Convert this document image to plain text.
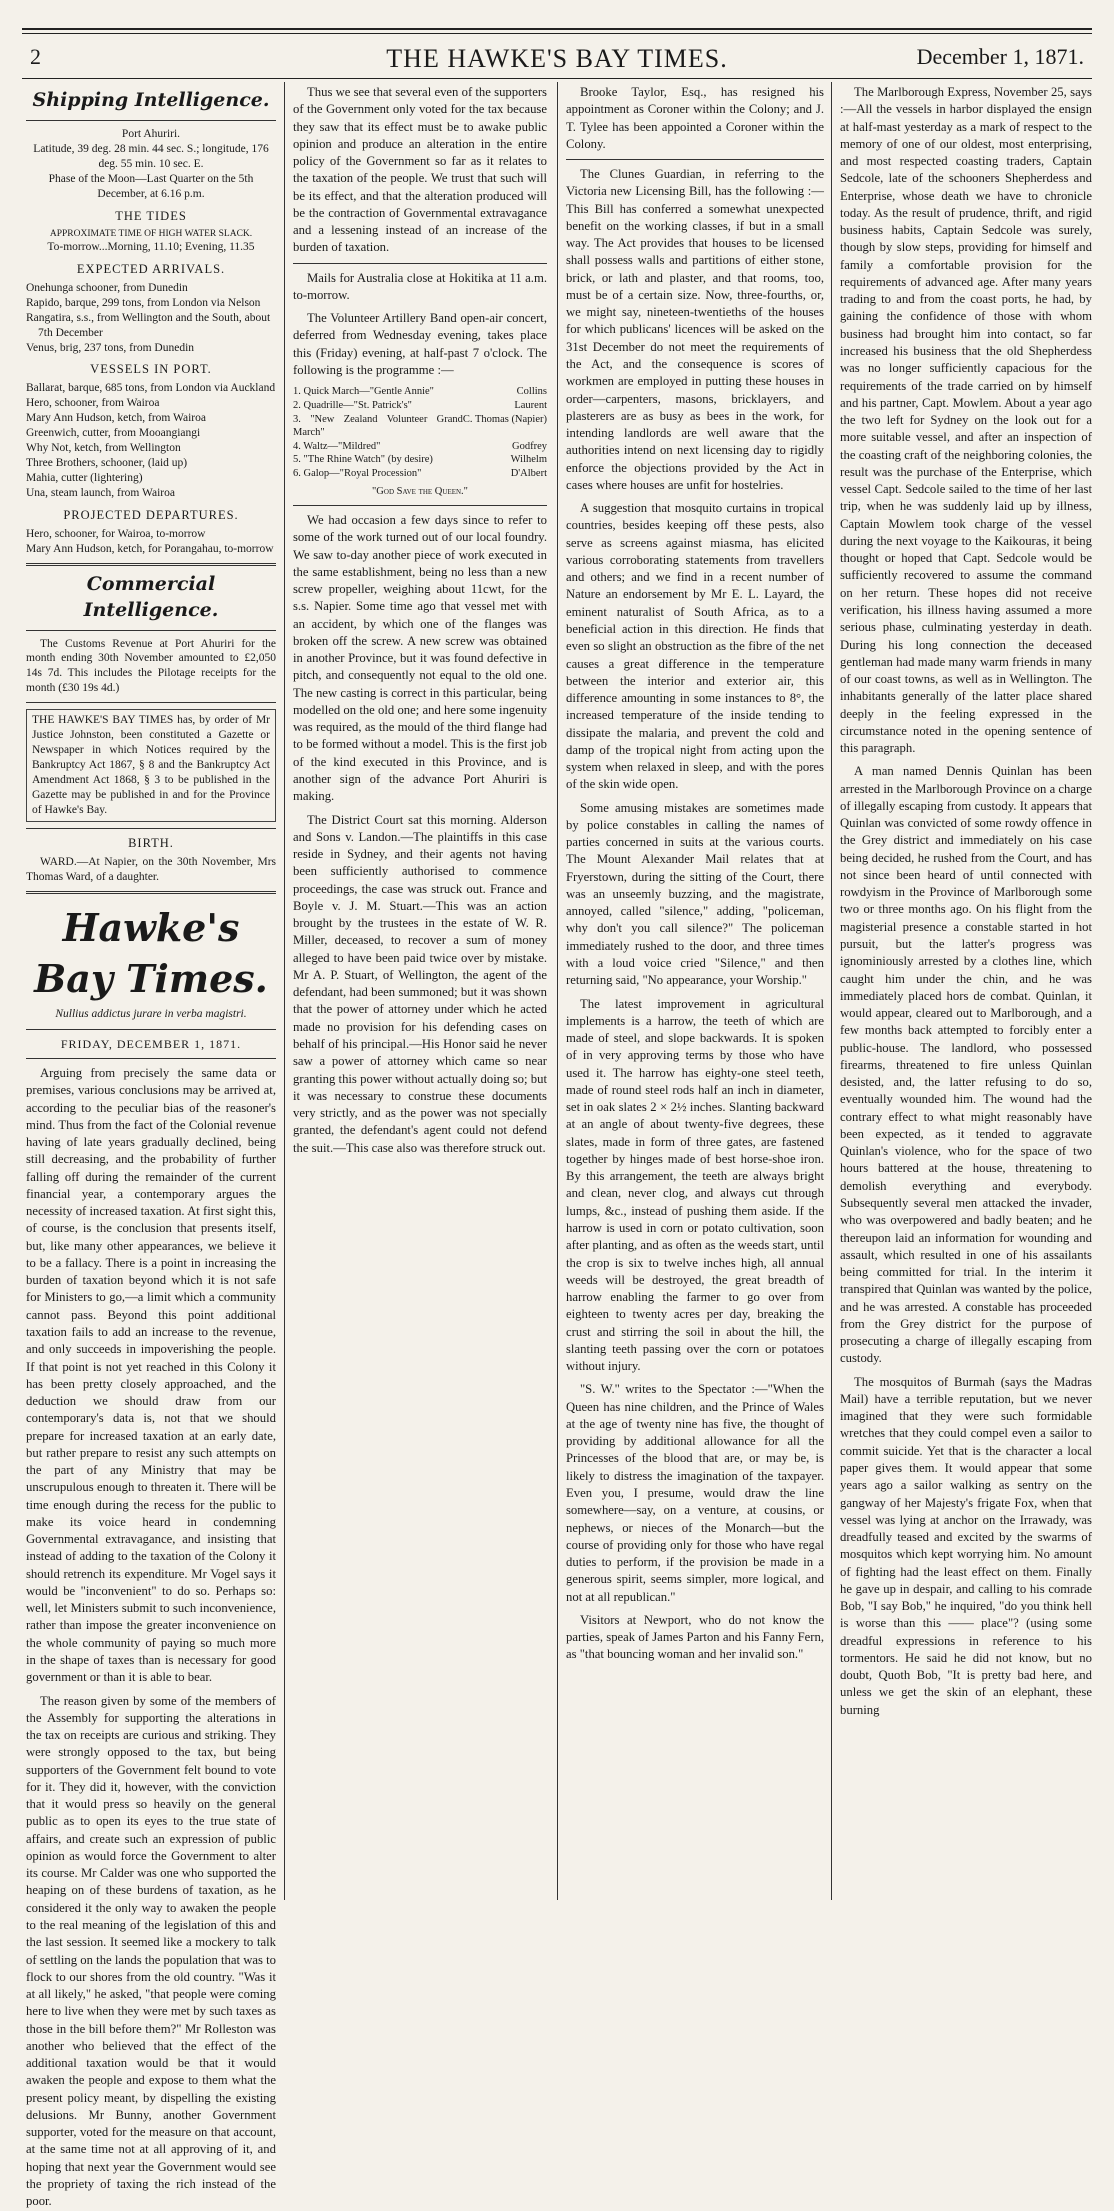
2	THE HAWKE'S BAY TIMES.	December 1, 1871.
Shipping Intelligence.
Port Ahuriri.
Latitude, 39 deg. 28 min. 44 sec. S.; longitude, 176 deg. 55 min. 10 sec. E.
Phase of the Moon—Last Quarter on the 5th December, at 6.16 p.m.
THE TIDES
APPROXIMATE TIME OF HIGH WATER SLACK.
To-morrow...Morning, 11.10; Evening, 11.35
EXPECTED ARRIVALS.
Onehunga schooner, from Dunedin
Rapido, barque, 299 tons, from London via Nelson
Rangatira, s.s., from Wellington and the South, about 7th December
Venus, brig, 237 tons, from Dunedin
VESSELS IN PORT.
Ballarat, barque, 685 tons, from London via Auckland
Hero, schooner, from Wairoa
Mary Ann Hudson, ketch, from Wairoa
Greenwich, cutter, from Mooangiangi
Why Not, ketch, from Wellington
Three Brothers, schooner, (laid up)
Mahia, cutter (lightering)
Una, steam launch, from Wairoa
PROJECTED DEPARTURES.
Hero, schooner, for Wairoa, to-morrow
Mary Ann Hudson, ketch, for Porangahau, to-morrow
Commercial Intelligence.

The Customs Revenue at Port Ahuriri for the month ending 30th November amounted to £2,050 14s 7d. This includes the Pilotage receipts for the month (£30 19s 4d.)

THE HAWKE'S BAY TIMES has, by order of Mr Justice Johnston, been constituted a Gazette or Newspaper in which Notices required by the Bankruptcy Act 1867, § 8 and the Bankruptcy Act Amendment Act 1868, § 3 to be published in the Gazette may be published in and for the Province of Hawke's Bay.
BIRTH.

WARD.—At Napier, on the 30th November, Mrs Thomas Ward, of a daughter.

Hawke's Bay Times.
Nullius addictus jurare in verba magistri.
FRIDAY, DECEMBER 1, 1871.

Arguing from precisely the same data or premises, various conclusions may be arrived at, according to the peculiar bias of the reasoner's mind. Thus from the fact of the Colonial revenue having of late years gradually declined, being still decreasing, and the probability of further falling off during the remainder of the current financial year, a contemporary argues the necessity of increased taxation. At first sight this, of course, is the conclusion that presents itself, but, like many other appearances, we believe it to be a fallacy. There is a point in increasing the burden of taxation beyond which it is not safe for Ministers to go,—a limit which a community cannot pass. Beyond this point additional taxation fails to add an increase to the revenue, and only succeeds in impoverishing the people. If that point is not yet reached in this Colony it has been pretty closely approached, and the deduction we should draw from our contemporary's data is, not that we should prepare for increased taxation at an early date, but rather prepare to resist any such attempts on the part of any Ministry that may be unscrupulous enough to threaten it. There will be time enough during the recess for the public to make its voice heard in condemning Governmental extravagance, and insisting that instead of adding to the taxation of the Colony it should retrench its expenditure. Mr Vogel says it would be "inconvenient" to do so. Perhaps so: well, let Ministers submit to such inconvenience, rather than impose the greater inconvenience on the whole community of paying so much more in the shape of taxes than is necessary for good government or than it is able to bear.

The reason given by some of the members of the Assembly for supporting the alterations in the tax on receipts are curious and striking. They were strongly opposed to the tax, but being supporters of the Government felt bound to vote for it. They did it, however, with the conviction that it would press so heavily on the general public as to open its eyes to the true state of affairs, and create such an expression of public opinion as would force the Government to alter its course. Mr Calder was one who supported the heaping on of these burdens of taxation, as he considered it the only way to awaken the people to the real meaning of the legislation of this and the last session. It seemed like a mockery to talk of settling on the lands the population that was to flock to our shores from the old country. "Was it at all likely," he asked, "that people were coming here to live when they were met by such taxes as those in the bill before them?" Mr Rolleston was another who believed that the effect of the additional taxation would be that it would awaken the people and expose to them what the present policy meant, by dispelling the existing delusions. Mr Bunny, another Government supporter, voted for the measure on that account, at the same time not at all approving of it, and hoping that next year the Government would see the propriety of taxing the rich instead of the poor.

Thus we see that several even of the supporters of the Government only voted for the tax because they saw that its effect must be to awake public opinion and produce an alteration in the entire policy of the Government so far as it relates to the taxation of the people. We trust that such will be its effect, and that the alteration produced will be the contraction of Governmental extravagance and a lessening instead of an increase of the burden of taxation.

Mails for Australia close at Hokitika at 11 a.m. to-morrow.

The Volunteer Artillery Band open-air concert, deferred from Wednesday evening, takes place this (Friday) evening, at half-past 7 o'clock. The following is the programme :—

1. Quick March—"Gentle Annie"	Collins
2. Quadrille—"St. Patrick's"	Laurent
3. "New Zealand Volunteer Grand March"
C. Thomas (Napier)
4. Waltz—"Mildred"	Godfrey
5. "The Rhine Watch" (by desire)	Wilhelm
6. Galop—"Royal Procession"	D'Albert

"God Save the Queen."

We had occasion a few days since to refer to some of the work turned out of our local foundry. We saw to-day another piece of work executed in the same establishment, being no less than a new screw propeller, weighing about 11cwt, for the s.s. Napier. Some time ago that vessel met with an accident, by which one of the flanges was broken off the screw. A new screw was obtained in another Province, but it was found defective in pitch, and consequently not equal to the old one. The new casting is correct in this particular, being modelled on the old one; and here some ingenuity was required, as the mould of the third flange had to be formed without a model. This is the first job of the kind executed in this Province, and is another sign of the advance Port Ahuriri is making.

The District Court sat this morning. Alderson and Sons v. Landon.—The plaintiffs in this case reside in Sydney, and their agents not having been sufficiently authorised to commence proceedings, the case was struck out. France and Boyle v. J. M. Stuart.—This was an action brought by the trustees in the estate of W. R. Miller, deceased, to recover a sum of money alleged to have been paid twice over by mistake. Mr A. P. Stuart, of Wellington, the agent of the defendant, had been summoned; but it was shown that the power of attorney under which he acted made no provision for his defending cases on behalf of his principal.—His Honor said he never saw a power of attorney which came so near granting this power without actually doing so; but it was necessary to construe these documents very strictly, and as the power was not specially granted, the defendant's agent could not defend the suit.—This case also was therefore struck out.

Brooke Taylor, Esq., has resigned his appointment as Coroner within the Colony; and J. T. Tylee has been appointed a Coroner within the Colony.

The Clunes Guardian, in referring to the Victoria new Licensing Bill, has the following :—This Bill has conferred a somewhat unexpected benefit on the working classes, if but in a small way. The Act provides that houses to be licensed shall possess walls and partitions of either stone, brick, or lath and plaster, and that rooms, too, must be of a certain size. Now, three-fourths, or, we might say, nineteen-twentieths of the houses for which publicans' licences will be asked on the 31st December do not meet the requirements of the Act, and the consequence is scores of workmen are employed in putting these houses in order—carpenters, masons, bricklayers, and plasterers are as busy as bees in the work, for intending landlords are well aware that the authorities intend on next licensing day to rigidly enforce the objections provided by the Act in cases where houses are unfit for hostelries.

A suggestion that mosquito curtains in tropical countries, besides keeping off these pests, also serve as screens against miasma, has elicited various corroborating statements from travellers and others; and we find in a recent number of Nature an endorsement by Mr E. L. Layard, the eminent naturalist of South Africa, as to a beneficial action in this direction. He finds that even so slight an obstruction as the fibre of the net causes a great difference in the temperature between the interior and exterior air, this difference amounting in some instances to 8°, the increased temperature of the inside tending to dissipate the malaria, and prevent the cold and damp of the tropical night from acting upon the system when relaxed in sleep, and with the pores of the skin wide open.

Some amusing mistakes are sometimes made by police constables in calling the names of parties concerned in suits at the various courts. The Mount Alexander Mail relates that at Fryerstown, during the sitting of the Court, there was an unseemly buzzing, and the magistrate, annoyed, called "silence," adding, "policeman, why don't you call silence?" The policeman immediately rushed to the door, and three times with a loud voice cried "Silence," and then returning said, "No appearance, your Worship."

The latest improvement in agricultural implements is a harrow, the teeth of which are made of steel, and slope backwards. It is spoken of in very approving terms by those who have used it. The harrow has eighty-one steel teeth, made of round steel rods half an inch in diameter, set in oak slates 2 × 2½ inches. Slanting backward at an angle of about twenty-five degrees, these slates, made in form of three gates, are fastened together by hinges made of best horse-shoe iron. By this arrangement, the teeth are always bright and clean, never clog, and always cut through lumps, &c., instead of pushing them aside. If the harrow is used in corn or potato cultivation, soon after planting, and as often as the weeds start, until the crop is six to twelve inches high, all annual weeds will be destroyed, the great breadth of harrow enabling the farmer to go over from eighteen to twenty acres per day, breaking the crust and stirring the soil in about the hill, the slanting teeth passing over the corn or potatoes without injury.

"S. W." writes to the Spectator :—"When the Queen has nine children, and the Prince of Wales at the age of twenty nine has five, the thought of providing by additional allowance for all the Princesses of the blood that are, or may be, is likely to distress the imagination of the taxpayer. Even you, I presume, would draw the line somewhere—say, on a venture, at cousins, or nephews, or nieces of the Monarch—but the course of providing only for those who have regal duties to perform, if the provision be made in a generous spirit, seems simpler, more logical, and not at all republican."

Visitors at Newport, who do not know the parties, speak of James Parton and his Fanny Fern, as "that bouncing woman and her invalid son."

The Marlborough Express, November 25, says :—All the vessels in harbor displayed the ensign at half-mast yesterday as a mark of respect to the memory of one of our oldest, most enterprising, and most respected coasting traders, Captain Sedcole, late of the schooners Shepherdess and Enterprise, whose death we have to chronicle today. As the result of prudence, thrift, and rigid business habits, Captain Sedcole was surely, though by slow steps, providing for himself and family a comfortable provision for the requirements of advanced age. After many years trading to and from the coast ports, he had, by gaining the confidence of those with whom business had brought him into contact, so far increased his business that the old Shepherdess was no longer sufficiently capacious for the requirements of the trade carried on by himself and his partner, Capt. Mowlem. About a year ago the two left for Sydney on the look out for a more suitable vessel, and after an inspection of the coasting craft of the neighboring colonies, the result was the purchase of the Enterprise, which vessel Capt. Sedcole sailed to the time of her last trip, when he was suddenly laid up by illness, Captain Mowlem took charge of the vessel during the next voyage to the Kaikouras, it being thought or hoped that Capt. Sedcole would be sufficiently recovered to assume the command on her return. These hopes did not receive verification, his illness having assumed a more serious phase, culminating yesterday in death. During his long connection the deceased gentleman had made many warm friends in many of our coast towns, as well as in Wellington. The inhabitants generally of the latter place shared deeply in the feeling expressed in the circumstance noted in the opening sentence of this paragraph.

A man named Dennis Quinlan has been arrested in the Marlborough Province on a charge of illegally escaping from custody. It appears that Quinlan was convicted of some rowdy offence in the Grey district and immediately on his case being decided, he rushed from the Court, and has not since been heard of until connected with rowdyism in the Province of Marlborough some two or three months ago. On his flight from the magisterial presence a constable started in hot pursuit, but the latter's progress was ignominiously arrested by a clothes line, which caught him under the chin, and he was immediately placed hors de combat. Quinlan, it would appear, cleared out to Marlborough, and a few months back attempted to forcibly enter a public-house. The landlord, who possessed firearms, threatened to fire unless Quinlan desisted, and, the latter refusing to do so, eventually wounded him. The wound had the contrary effect to what might reasonably have been expected, as it tended to aggravate Quinlan's violence, who for the space of two hours battered at the house, threatening to demolish everything and everybody. Subsequently several men attacked the invader, who was overpowered and badly beaten; and he thereupon laid an information for wounding and assault, which resulted in one of his assailants being committed for trial. In the interim it transpired that Quinlan was wanted by the police, and he was arrested. A constable has proceeded from the Grey district for the purpose of prosecuting a charge of illegally escaping from custody.

The mosquitos of Burmah (says the Madras Mail) have a terrible reputation, but we never imagined that they were such formidable wretches that they could compel even a sailor to commit suicide. Yet that is the character a local paper gives them. It would appear that some years ago a sailor walking as sentry on the gangway of her Majesty's frigate Fox, when that vessel was lying at anchor on the Irrawady, was dreadfully teased and excited by the swarms of mosquitos which kept worrying him. No amount of fighting had the least effect on them. Finally he gave up in despair, and calling to his comrade Bob, "I say Bob," he inquired, "do you think hell is worse than this —— place"? (using some dreadful expressions in reference to his tormentors. He said he did not know, but no doubt, Quoth Bob, "It is pretty bad here, and unless we get the skin of an elephant, these burning
